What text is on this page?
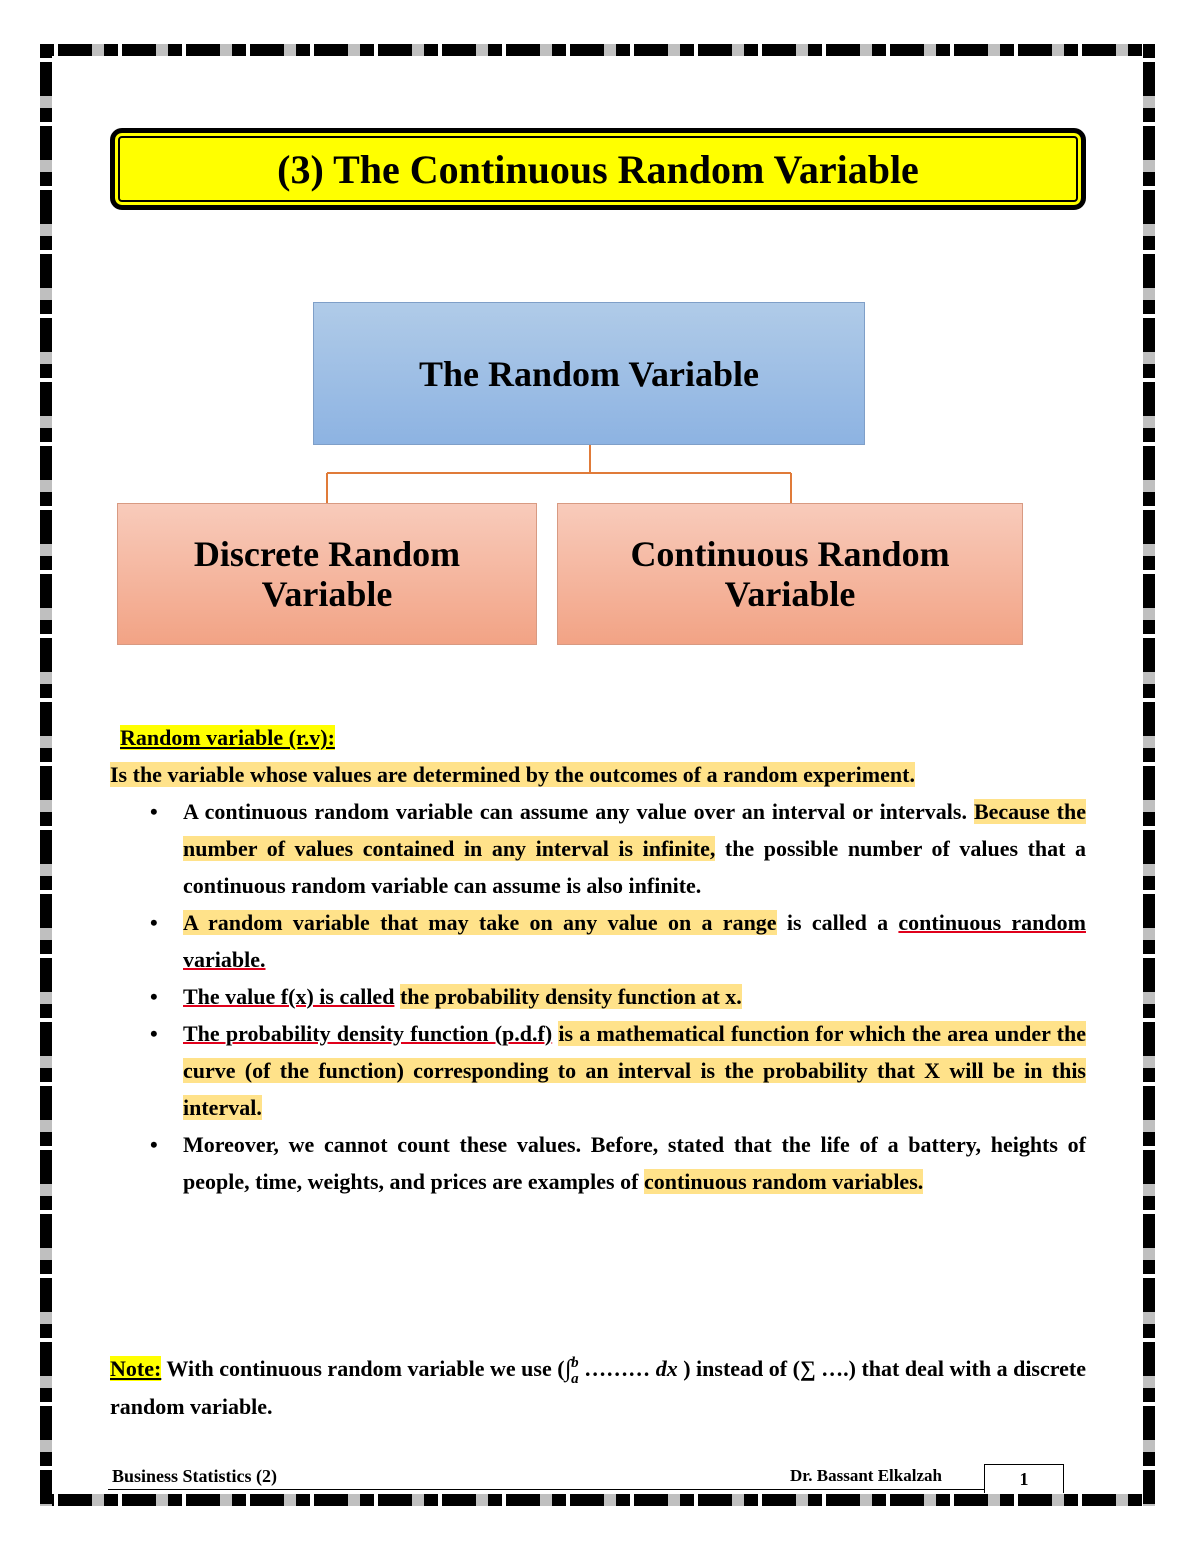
(3) The Continuous Random Variable
The Random Variable
Discrete Random
Variable
Continuous Random
Variable
Random variable (r.v):
Is the variable whose values are determined by the outcomes of a random experiment.
• A continuous random variable can assume any value over an interval or intervals. Because the number of values contained in any interval is infinite, the possible number of values that a continuous random variable can assume is also infinite.
• A random variable that may take on any value on a range is called a continuous random variable.
• The value f(x) is called the probability density function at x.
• The probability density function (p.d.f) is a mathematical function for which the area under the curve (of the function) corresponding to an interval is the probability that X will be in this interval.
• Moreover, we cannot count these values. Before, stated that the life of a battery, heights of people, time, weights, and prices are examples of continuous random variables.
Note: With continuous random variable we use (∫ b
a ……… dx ) instead of (∑ ….) that deal with a discrete random variable.
Business Statistics (2)	Dr. Bassant Elkalzah	1
